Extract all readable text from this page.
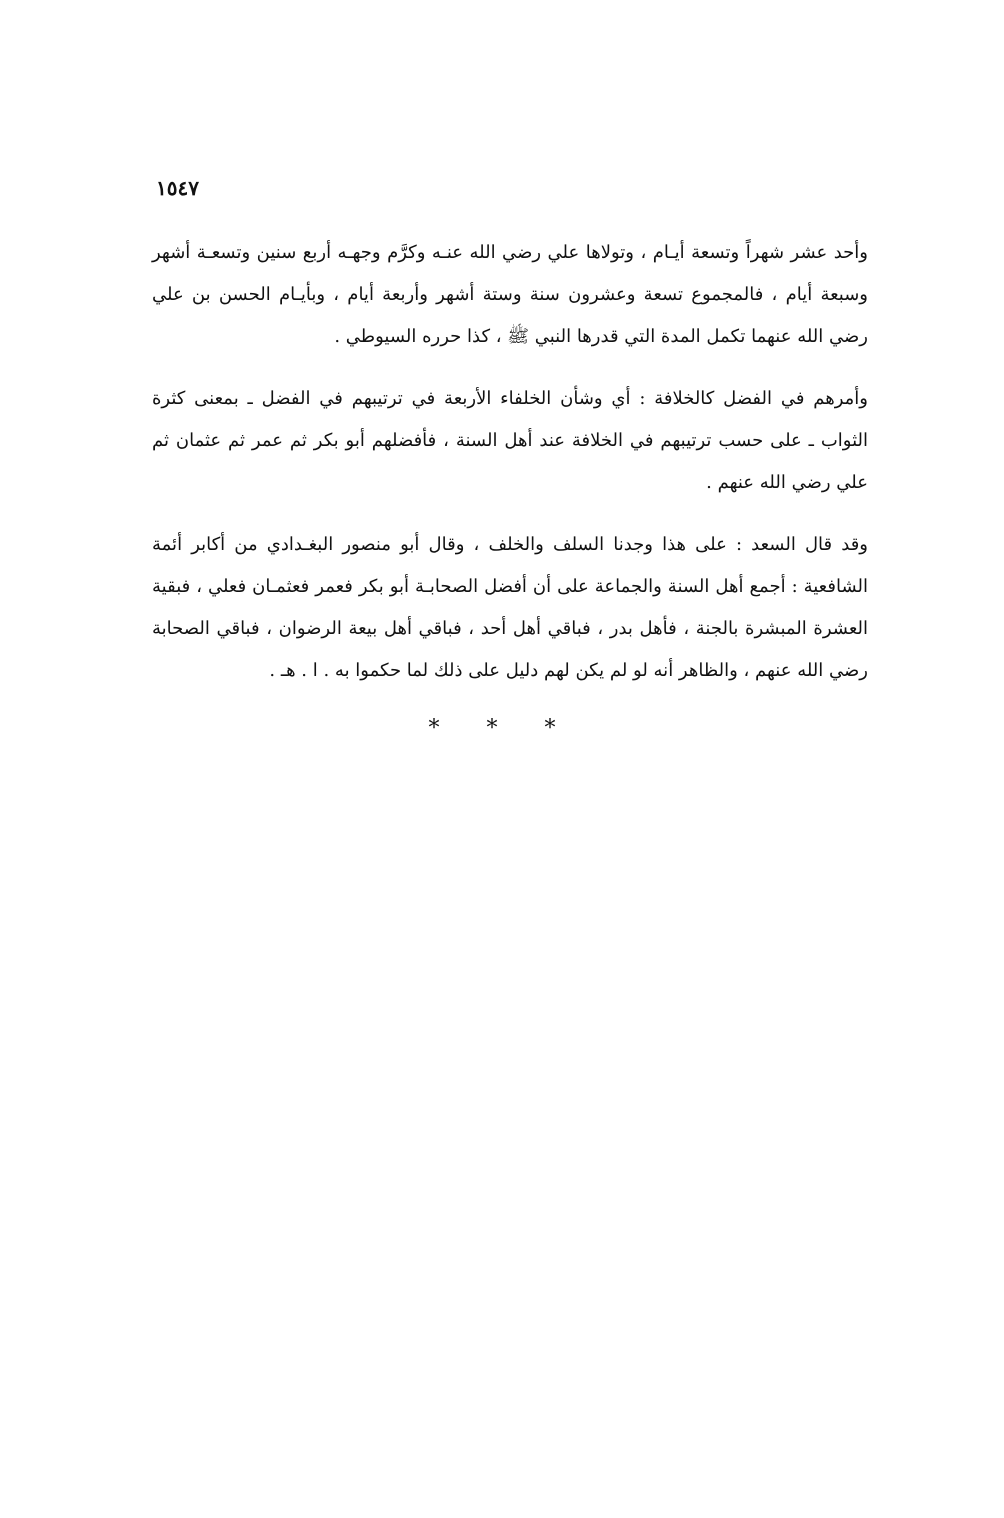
١٥٤٧

وأحد عشر شهراً وتسعة أيـام ، وتولاها علي رضي الله عنـه وكرَّم وجهـه أربع سنين وتسعـة أشهر وسبعة أيام ، فالمجموع تسعة وعشرون سنة وستة أشهر وأربعة أيام ، وبأيـام الحسن بن علي رضي الله عنهما تكمل المدة التي قدرها النبي ﷺ ، كذا حرره السيوطي .

وأمرهم في الفضل كالخلافة : أي وشأن الخلفاء الأربعة في ترتيبهم في الفضل ـ بمعنى كثرة الثواب ـ على حسب ترتيبهم في الخلافة عند أهل السنة ، فأفضلهم أبو بكر ثم عمر ثم عثمان ثم علي رضي الله عنهم .

وقد قال السعد : على هذا وجدنا السلف والخلف ، وقال أبو منصور البغـدادي من أكابر أئمة الشافعية : أجمع أهل السنة والجماعة على أن أفضل الصحابـة أبو بكر فعمر فعثمـان فعلي ، فبقية العشرة المبشرة بالجنة ، فأهل بدر ، فباقي أهل أحد ، فباقي أهل بيعة الرضوان ، فباقي الصحابة رضي الله عنهم ، والظاهر أنه لو لم يكن لهم دليل على ذلك لما حكموا به . ا . هـ .

* * *
